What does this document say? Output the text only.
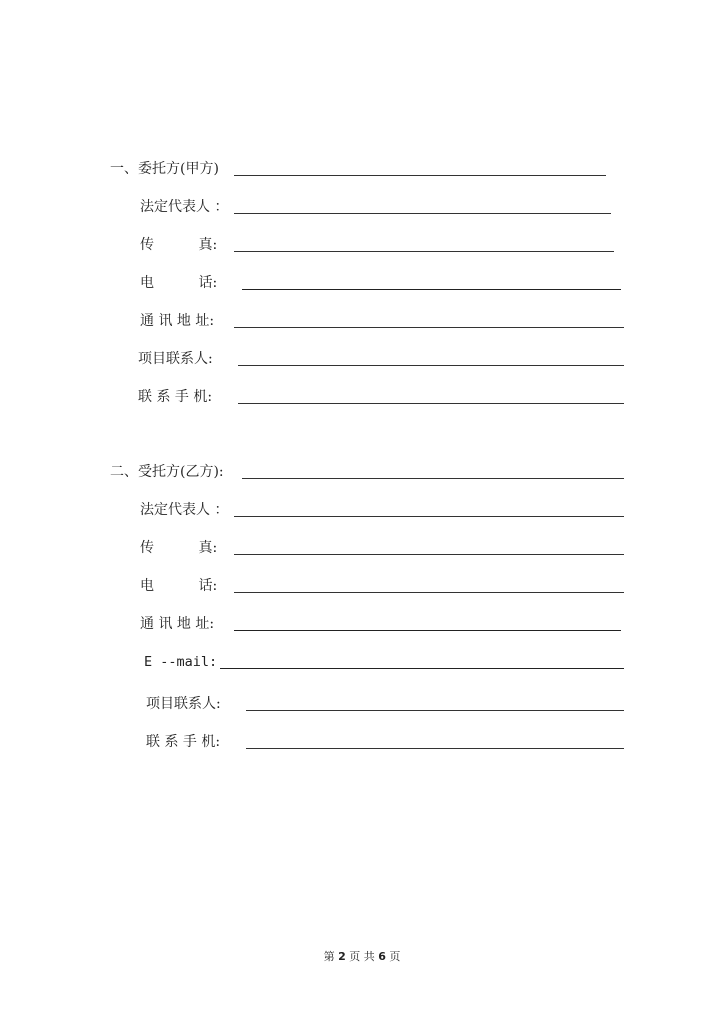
一、委托方(甲方)
法定代表人 ：
传          真:
电          话:
通 讯 地 址:
项目联系人:
联 系 手 机:
二、受托方(乙方):
法定代表人 ：
传          真:
电          话:
通 讯 地 址:
E --mail:
项目联系人:
联 系 手 机:
第 2 页 共 6 页
